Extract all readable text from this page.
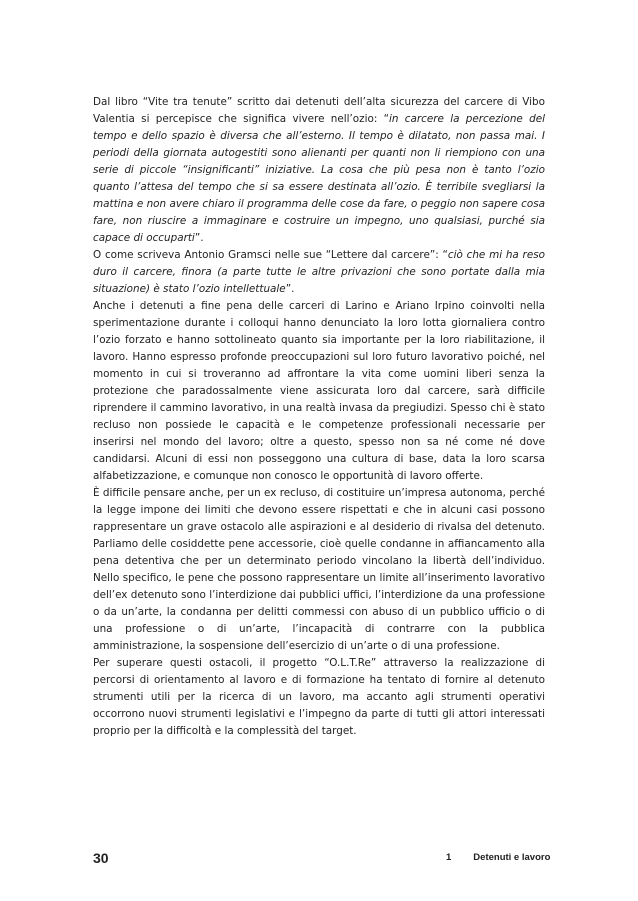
Dal libro “Vite tra tenute” scritto dai detenuti dell’alta sicurezza del carcere di Vibo Valentia si percepisce che significa vivere nell’ozio: “in carcere la percezione del tempo e dello spazio è diversa che all’esterno. Il tempo è dilatato, non passa mai. I periodi della giornata autogestiti sono alienanti per quanti non li riempiono con una serie di piccole “insignificanti” iniziative. La cosa che più pesa non è tanto l’ozio quanto l’attesa del tempo che si sa essere destinata all’ozio. È terribile svegliarsi la mattina e non avere chiaro il programma delle cose da fare, o peggio non sapere cosa fare, non riuscire a immaginare e costruire un impegno, uno qualsiasi, purché sia capace di occuparti”.

O come scriveva Antonio Gramsci nelle sue “Lettere dal carcere”: “ciò che mi ha reso duro il carcere, finora (a parte tutte le altre privazioni che sono portate dalla mia situazione) è stato l’ozio intellettuale”.

Anche i detenuti a fine pena delle carceri di Larino e Ariano Irpino coinvolti nella sperimentazione durante i colloqui hanno denunciato la loro lotta giornaliera contro l’ozio forzato e hanno sottolineato quanto sia importante per la loro riabilitazione, il lavoro. Hanno espresso profonde preoccupazioni sul loro futuro lavorativo poiché, nel momento in cui si troveranno ad affrontare la vita come uomini liberi senza la protezione che paradossalmente viene assicurata loro dal carcere, sarà difficile riprendere il cammino lavorativo, in una realtà invasa da pregiudizi. Spesso chi è stato recluso non possiede le capacità e le competenze professionali necessarie per inserirsi nel mondo del lavoro; oltre a questo, spesso non sa né come né dove candidarsi. Alcuni di essi non posseggono una cultura di base, data la loro scarsa alfabetizzazione, e comunque non conosco le opportunità di lavoro offerte.

È difficile pensare anche, per un ex recluso, di costituire un’impresa autonoma, perché la legge impone dei limiti che devono essere rispettati e che in alcuni casi possono rappresentare un grave ostacolo alle aspirazioni e al desiderio di rivalsa del detenuto. Parliamo delle cosiddette pene accessorie, cioè quelle condanne in affiancamento alla pena detentiva che per un determinato periodo vincolano la libertà dell’individuo. Nello specifico, le pene che possono rappresentare un limite all’inserimento lavorativo dell’ex detenuto sono l’interdizione dai pubblici uffici, l’interdizione da una professione o da un’arte, la condanna per delitti commessi con abuso di un pubblico ufficio o di una professione o di un’arte, l’incapacità di contrarre con la pubblica amministrazione, la sospensione dell’esercizio di un’arte o di una professione.

Per superare questi ostacoli, il progetto “O.L.T.Re” attraverso la realizzazione di percorsi di orientamento al lavoro e di formazione ha tentato di fornire al detenuto strumenti utili per la ricerca di un lavoro, ma accanto agli strumenti operativi occorrono nuovi strumenti legislativi e l’impegno da parte di tutti gli attori interessati proprio per la difficoltà e la complessità del target.

30	1 Detenuti e lavoro
